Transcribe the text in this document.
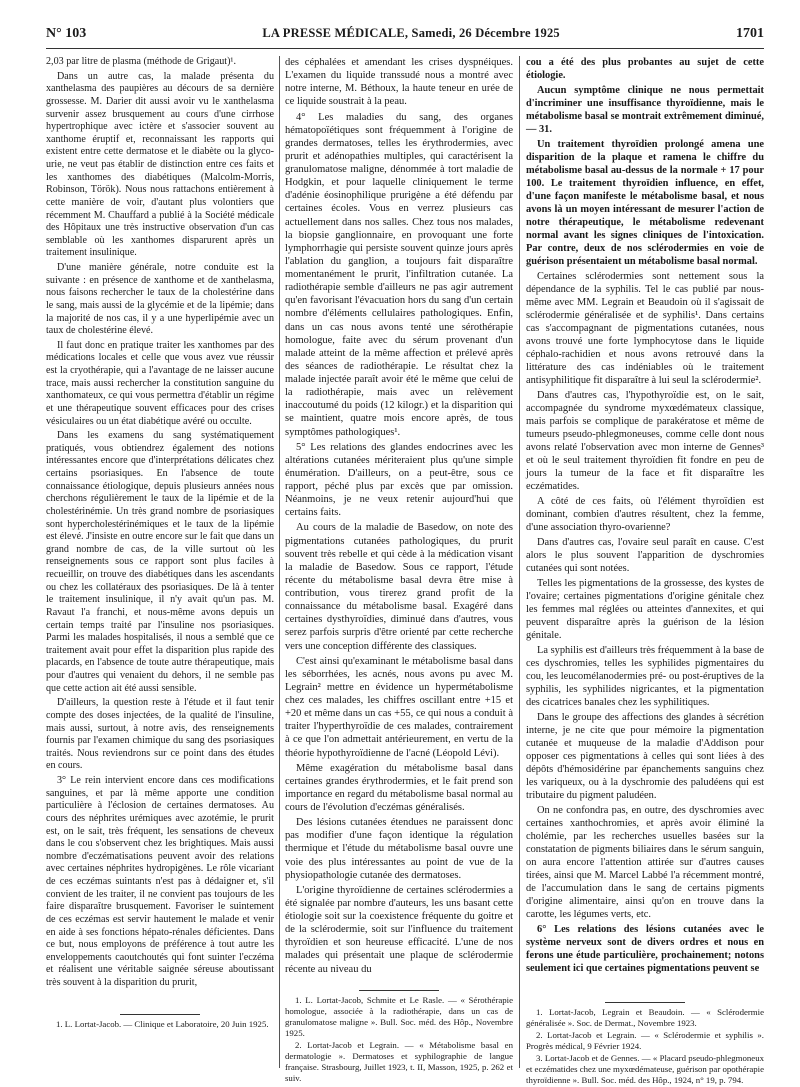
N° 103	LA PRESSE MÉDICALE, Samedi, 26 Décembre 1925	1701

2,03 par litre de plasma (méthode de Grigaut)¹.

Dans un autre cas, la malade présenta du xanthelasma des paupières au décours de sa dernière grossesse. M. Darier dit aussi avoir vu le xanthelasma survenir assez brusquement au cours d'une cirrhose hypertrophique avec ictère et s'associer souvent au xanthome éruptif et, reconnaissant les rapports qui existent entre cette dermatose et le diabète ou la glyco-urie, ne veut pas établir de distinction entre ces faits et les xanthomes des diabétiques (Malcolm-Morris, Robinson, Török). Nous nous rattachons entièrement à cette manière de voir, d'autant plus volontiers que récemment M. Chauffard a publié à la Société médicale des Hôpitaux une très instructive observation d'un cas semblable où les xanthomes disparurent après un traitement insulinique.

D'une manière générale, notre conduite est la suivante : en présence de xanthome et de xanthelasma, nous faisons rechercher le taux de la cholestérine dans le sang, mais aussi de la glycémie et de la lipémie; dans la majorité de nos cas, il y a une hyperlipémie avec un taux de cholestérine élevé.

Il faut donc en pratique traiter les xanthomes par des médications locales et celle que vous avez vue réussir est la cryothérapie, qui a l'avantage de ne laisser aucune trace, mais aussi rechercher la constitution sanguine du xanthomateux, ce qui vous permettra d'établir un régime et une thérapeutique souvent efficaces pour des crises vésiculaires ou un état diabétique avéré ou occulte.

Dans les examens du sang systématiquement pratiqués, vous obtiendrez également des notions intéressantes encore que d'interprétations délicates chez certains psoriasiques. En l'absence de toute connaissance étiologique, depuis plusieurs années nous cherchons régulièrement le taux de la lipémie et de la cholestérinémie. Un très grand nombre de psoriasiques sont hypercholestérinémiques et le taux de la lipémie est élevé. J'insiste en outre encore sur le fait que dans un grand nombre de cas, de la ville surtout où les renseignements sous ce rapport sont plus faciles à recueillir, on trouve des diabétiques dans les ascendants ou chez les collatéraux des psoriasiques. De là à tenter le traitement insulinique, il n'y avait qu'un pas. M. Ravaut l'a franchi, et nous-même avons depuis un certain temps traité par l'insuline nos psoriasiques. Parmi les malades hospitalisés, il nous a semblé que ce traitement avait pour effet la disparition plus rapide des placards, en l'absence de toute autre thérapeutique, mais pour d'autres qui venaient du dehors, il ne semble pas que cette action ait été aussi sensible.

D'ailleurs, la question reste à l'étude et il faut tenir compte des doses injectées, de la qualité de l'insuline, mais aussi, surtout, à notre avis, des renseignements fournis par l'examen chimique du sang des psoriasiques traités. Nous reviendrons sur ce point dans des études en cours.

3° Le rein intervient encore dans ces modifications sanguines, et par là même apporte une condition particulière à l'éclosion de certaines dermatoses. Au cours des néphrites urémiques avec azotémie, le prurit est, on le sait, très fréquent, les sensations de cheveux dans le cou s'observent chez les brightiques. Mais aussi nombre d'eczématisations peuvent avoir des relations avec certaines néphrites hydropigènes. Le rôle vicariant de ces eczémas suintants n'est pas à dédaigner et, s'il convient de les traiter, il ne convient pas toujours de les faire disparaître brusquement. Favoriser le suintement de ces eczémas est servir hautement le malade et venir en aide à ses fonctions hépato-rénales déficientes. Dans ce but, nous employons de préférence à tout autre les enveloppements caoutchoutés qui font suinter l'eczéma et réalisent une véritable saignée séreuse aboutissant très souvent à la disparition du prurit,

des céphalées et amendant les crises dyspnéiques. L'examen du liquide transsudé nous a montré avec notre interne, M. Béthoux, la haute teneur en urée de ce liquide soustrait à la peau.

4° Les maladies du sang, des organes hématopoïétiques sont fréquemment à l'origine de grandes dermatoses, telles les érythrodermies, avec prurit et adénopathies multiples, qui caractérisent la granulomatose maligne, dénommée à tort maladie de Hodgkin, et pour laquelle cliniquement le terme d'adénie éosinophilique prurigène a été défendu par certaines écoles. Vous en verrez plusieurs cas actuellement dans nos salles. Chez tous nos malades, la biopsie ganglionnaire, en provoquant une forte lymphorrhagie qui persiste souvent quinze jours après l'ablation du ganglion, a toujours fait disparaître momentanément le prurit, l'infiltration cutanée. La radiothérapie semble d'ailleurs ne pas agir autrement qu'en favorisant l'évacuation hors du sang d'un certain nombre d'éléments cellulaires pathologiques. Enfin, dans un cas nous avons tenté une sérothérapie homologue, faite avec du sérum provenant d'un malade atteint de la même affection et prélevé après des séances de radiothérapie. Le résultat chez la malade injectée paraît avoir été le même que celui de la radiothérapie, mais avec un relèvement inaccoutumé du poids (12 kilogr.) et la disparition qui se maintient, quatre mois encore après, de tous symptômes pathologiques¹.

5° Les relations des glandes endocrines avec les altérations cutanées mériteraient plus qu'une simple énumération. D'ailleurs, on a peut-être, sous ce rapport, péché plus par excès que par omission. Néanmoins, je ne veux retenir aujourd'hui que certains faits.

Au cours de la maladie de Basedow, on note des pigmentations cutanées pathologiques, du prurit souvent très rebelle et qui cède à la médication visant la maladie de Basedow. Sous ce rapport, l'étude récente du métabolisme basal devra être mise à contribution, vous tirerez grand profit de la connaissance du métabolisme basal. Exagéré dans certaines dysthyroïdies, diminué dans d'autres, vous serez parfois surpris d'être orienté par cette recherche vers une conception différente des classiques.

C'est ainsi qu'examinant le métabolisme basal dans les séborrhées, les acnés, nous avons pu avec M. Legrain² mettre en évidence un hypermétabolisme chez ces malades, les chiffres oscillant entre +15 et +20 et même dans un cas +55, ce qui nous a conduit à traiter l'hyperthyroïdie de ces malades, contrairement à ce que l'on admettait antérieurement, en vertu de la théorie hypothyroïdienne de l'acné (Léopold Lévi).

Même exagération du métabolisme basal dans certaines grandes érythrodermies, et le fait prend son importance en regard du métabolisme basal normal au cours de l'évolution d'eczémas généralisés.

Des lésions cutanées étendues ne paraissent donc pas modifier d'une façon identique la régulation thermique et l'étude du métabolisme basal ouvre une voie des plus intéressantes au point de vue de la physiopathologie cutanée des dermatoses.

L'origine thyroïdienne de certaines sclérodermies a été signalée par nombre d'auteurs, les uns basant cette étiologie soit sur la coexistence fréquente du goitre et de la sclérodermie, soit sur l'influence du traitement thyroïdien et son heureuse efficacité. L'une de nos malades qui présentait une plaque de sclérodermie récente au niveau du

cou a été des plus probantes au sujet de cette étiologie.

Aucun symptôme clinique ne nous permettait d'incriminer une insuffisance thyroïdienne, mais le métabolisme basal se montrait extrêmement diminué, — 31.

Un traitement thyroïdien prolongé amena une disparition de la plaque et ramena le chiffre du métabolisme basal au-dessus de la normale + 17 pour 100. Le traitement thyroïdien influence, en effet, d'une façon manifeste le métabolisme basal, et nous avons là un moyen intéressant de mesurer l'action de notre thérapeutique, le métabolisme redevenant normal avant les signes cliniques de l'intoxication. Par contre, deux de nos sclérodermies en voie de guérison présentaient un métabolisme basal normal.

Certaines sclérodermies sont nettement sous la dépendance de la syphilis. Tel le cas publié par nous-même avec MM. Legrain et Beaudoin où il s'agissait de sclérodermie généralisée et de syphilis¹. Dans certains cas s'accompagnant de pigmentations cutanées, nous avons trouvé une forte lymphocytose dans le liquide céphalo-rachidien et nous avons retrouvé dans la littérature des cas indéniables où le traitement antisyphilitique fit disparaître à lui seul la sclérodermie².

Dans d'autres cas, l'hypothyroïdie est, on le sait, accompagnée du syndrome myxœdémateux classique, mais parfois se complique de parakératose et même de tumeurs pseudo-phlegmoneuses, comme celle dont nous avons relaté l'observation avec mon interne de Gennes³ et où le seul traitement thyroïdien fit fondre en peu de jours la tumeur de la face et fit disparaître les eczématides.

A côté de ces faits, où l'élément thyroïdien est dominant, combien d'autres résultent, chez la femme, d'une association thyro-ovarienne?

Dans d'autres cas, l'ovaire seul paraît en cause. C'est alors le plus souvent l'apparition de dyschromies cutanées qui sont notées.

Telles les pigmentations de la grossesse, des kystes de l'ovaire; certaines pigmentations d'origine génitale chez les femmes mal réglées ou atteintes d'annexites, et qui peuvent disparaître après la guérison de la lésion génitale.

La syphilis est d'ailleurs très fréquemment à la base de ces dyschromies, telles les syphilides pigmentaires du cou, les leucomélanodermies pré- ou post-éruptives de la syphilis, les syphilides nigricantes, et la pigmentation des cicatrices banales chez les syphilitiques.

Dans le groupe des affections des glandes à sécrétion interne, je ne cite que pour mémoire la pigmentation cutanée et muqueuse de la maladie d'Addison pour opposer ces pigmentations à celles qui sont liées à des dépôts d'hémosidérine par épanchements sanguins chez les variqueux, ou à la dyschromie des paludéens qui est tributaire du pigment paludéen.

On ne confondra pas, en outre, des dyschromies avec certaines xanthochromies, et après avoir éliminé la cholémie, par les recherches usuelles basées sur la constatation de pigments biliaires dans le sérum sanguin, on aura encore l'attention attirée sur d'autres causes tirées, ainsi que M. Marcel Labbé l'a récemment montré, de l'accumulation dans le sang de certains pigments d'origine alimentaire, ainsi qu'on en trouve dans la carotte, les légumes verts, etc.

6° Les relations des lésions cutanées avec le système nerveux sont de divers ordres et nous en ferons une étude particulière, prochainement; notons seulement ici que certaines pigmentations peuvent se

1. L. Lortat-Jacob. — Clinique et Laboratoire, 20 Juin 1925.

1. L. Lortat-Jacob, Schmite et Le Rasle. — « Sérothérapie homologue, associée à la radiothérapie, dans un cas de granulomatose maligne ». Bull. Soc. méd. des Hôp., Novembre 1925.

2. Lortat-Jacob et Legrain. — « Métabolisme basal en dermatologie ». Dermatoses et syphilographie de langue française. Strasbourg, Juillet 1923, t. II, Masson, 1925, p. 262 et suiv.

1. Lortat-Jacob, Legrain et Beaudoin. — « Sclérodermie généralisée ». Soc. de Dermat., Novembre 1923.

2. Lortat-Jacob et Legrain. — « Sclérodermie et syphilis ». Progrès médical, 9 Février 1924.

3. Lortat-Jacob et de Gennes. — « Placard pseudo-phlegmoneux et eczématides chez une myxœdémateuse, guérison par opothérapie thyroïdienne ». Bull. Soc. méd. des Hôp., 1924, n° 19, p. 794.
